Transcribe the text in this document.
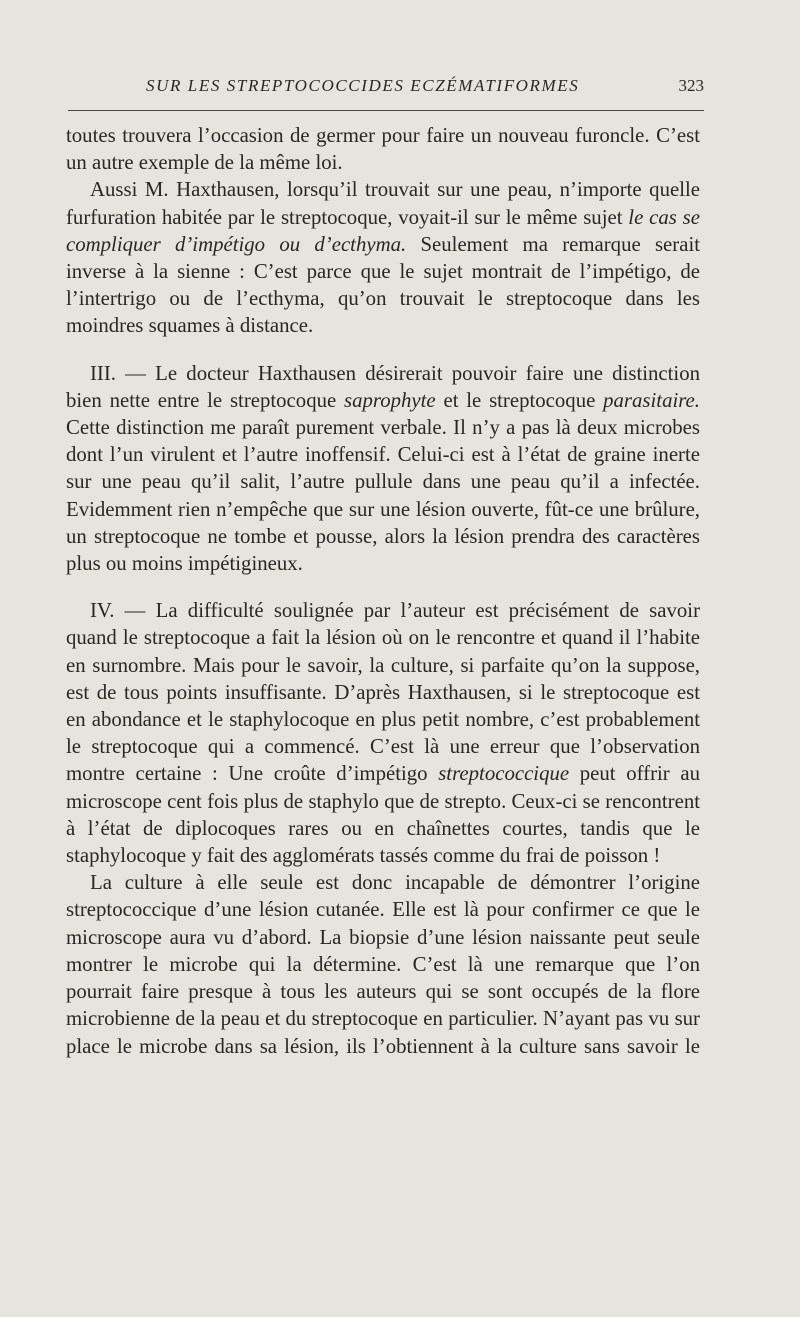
SUR LES STREPTOCOCCIDES ECZÉMATIFORMES	323

toutes trouvera l’occasion de germer pour faire un nouveau furoncle. C’est un autre exemple de la même loi.

Aussi M. Haxthausen, lorsqu’il trouvait sur une peau, n’importe quelle furfuration habitée par le streptocoque, voyait-il sur le même sujet le cas se compliquer d’impétigo ou d’ecthyma. Seulement ma remarque serait inverse à la sienne : C’est parce que le sujet montrait de l’impétigo, de l’intertrigo ou de l’ecthyma, qu’on trouvait le streptocoque dans les moindres squames à distance.

III. — Le docteur Haxthausen désirerait pouvoir faire une distinction bien nette entre le streptocoque saprophyte et le streptocoque parasitaire. Cette distinction me paraît purement verbale. Il n’y a pas là deux microbes dont l’un virulent et l’autre inoffensif. Celui-ci est à l’état de graine inerte sur une peau qu’il salit, l’autre pullule dans une peau qu’il a infectée. Evidemment rien n’empêche que sur une lésion ouverte, fût-ce une brûlure, un streptocoque ne tombe et pousse, alors la lésion prendra des caractères plus ou moins impétigineux.

IV. — La difficulté soulignée par l’auteur est précisément de savoir quand le streptocoque a fait la lésion où on le rencontre et quand il l’habite en surnombre. Mais pour le savoir, la culture, si parfaite qu’on la suppose, est de tous points insuffisante. D’après Haxthausen, si le streptocoque est en abondance et le staphylocoque en plus petit nombre, c’est probablement le streptocoque qui a commencé. C’est là une erreur que l’observation montre certaine : Une croûte d’impétigo streptococcique peut offrir au microscope cent fois plus de staphylo que de strepto. Ceux-ci se rencontrent à l’état de diplocoques rares ou en chaînettes courtes, tandis que le staphylocoque y fait des agglomérats tassés comme du frai de poisson !

La culture à elle seule est donc incapable de démontrer l’origine streptococcique d’une lésion cutanée. Elle est là pour confirmer ce que le microscope aura vu d’abord. La biopsie d’une lésion naissante peut seule montrer le microbe qui la détermine. C’est là une remarque que l’on pourrait faire presque à tous les auteurs qui se sont occupés de la flore microbienne de la peau et du streptocoque en particulier. N’ayant pas vu sur place le microbe dans sa lésion, ils l’obtiennent à la culture sans savoir le
